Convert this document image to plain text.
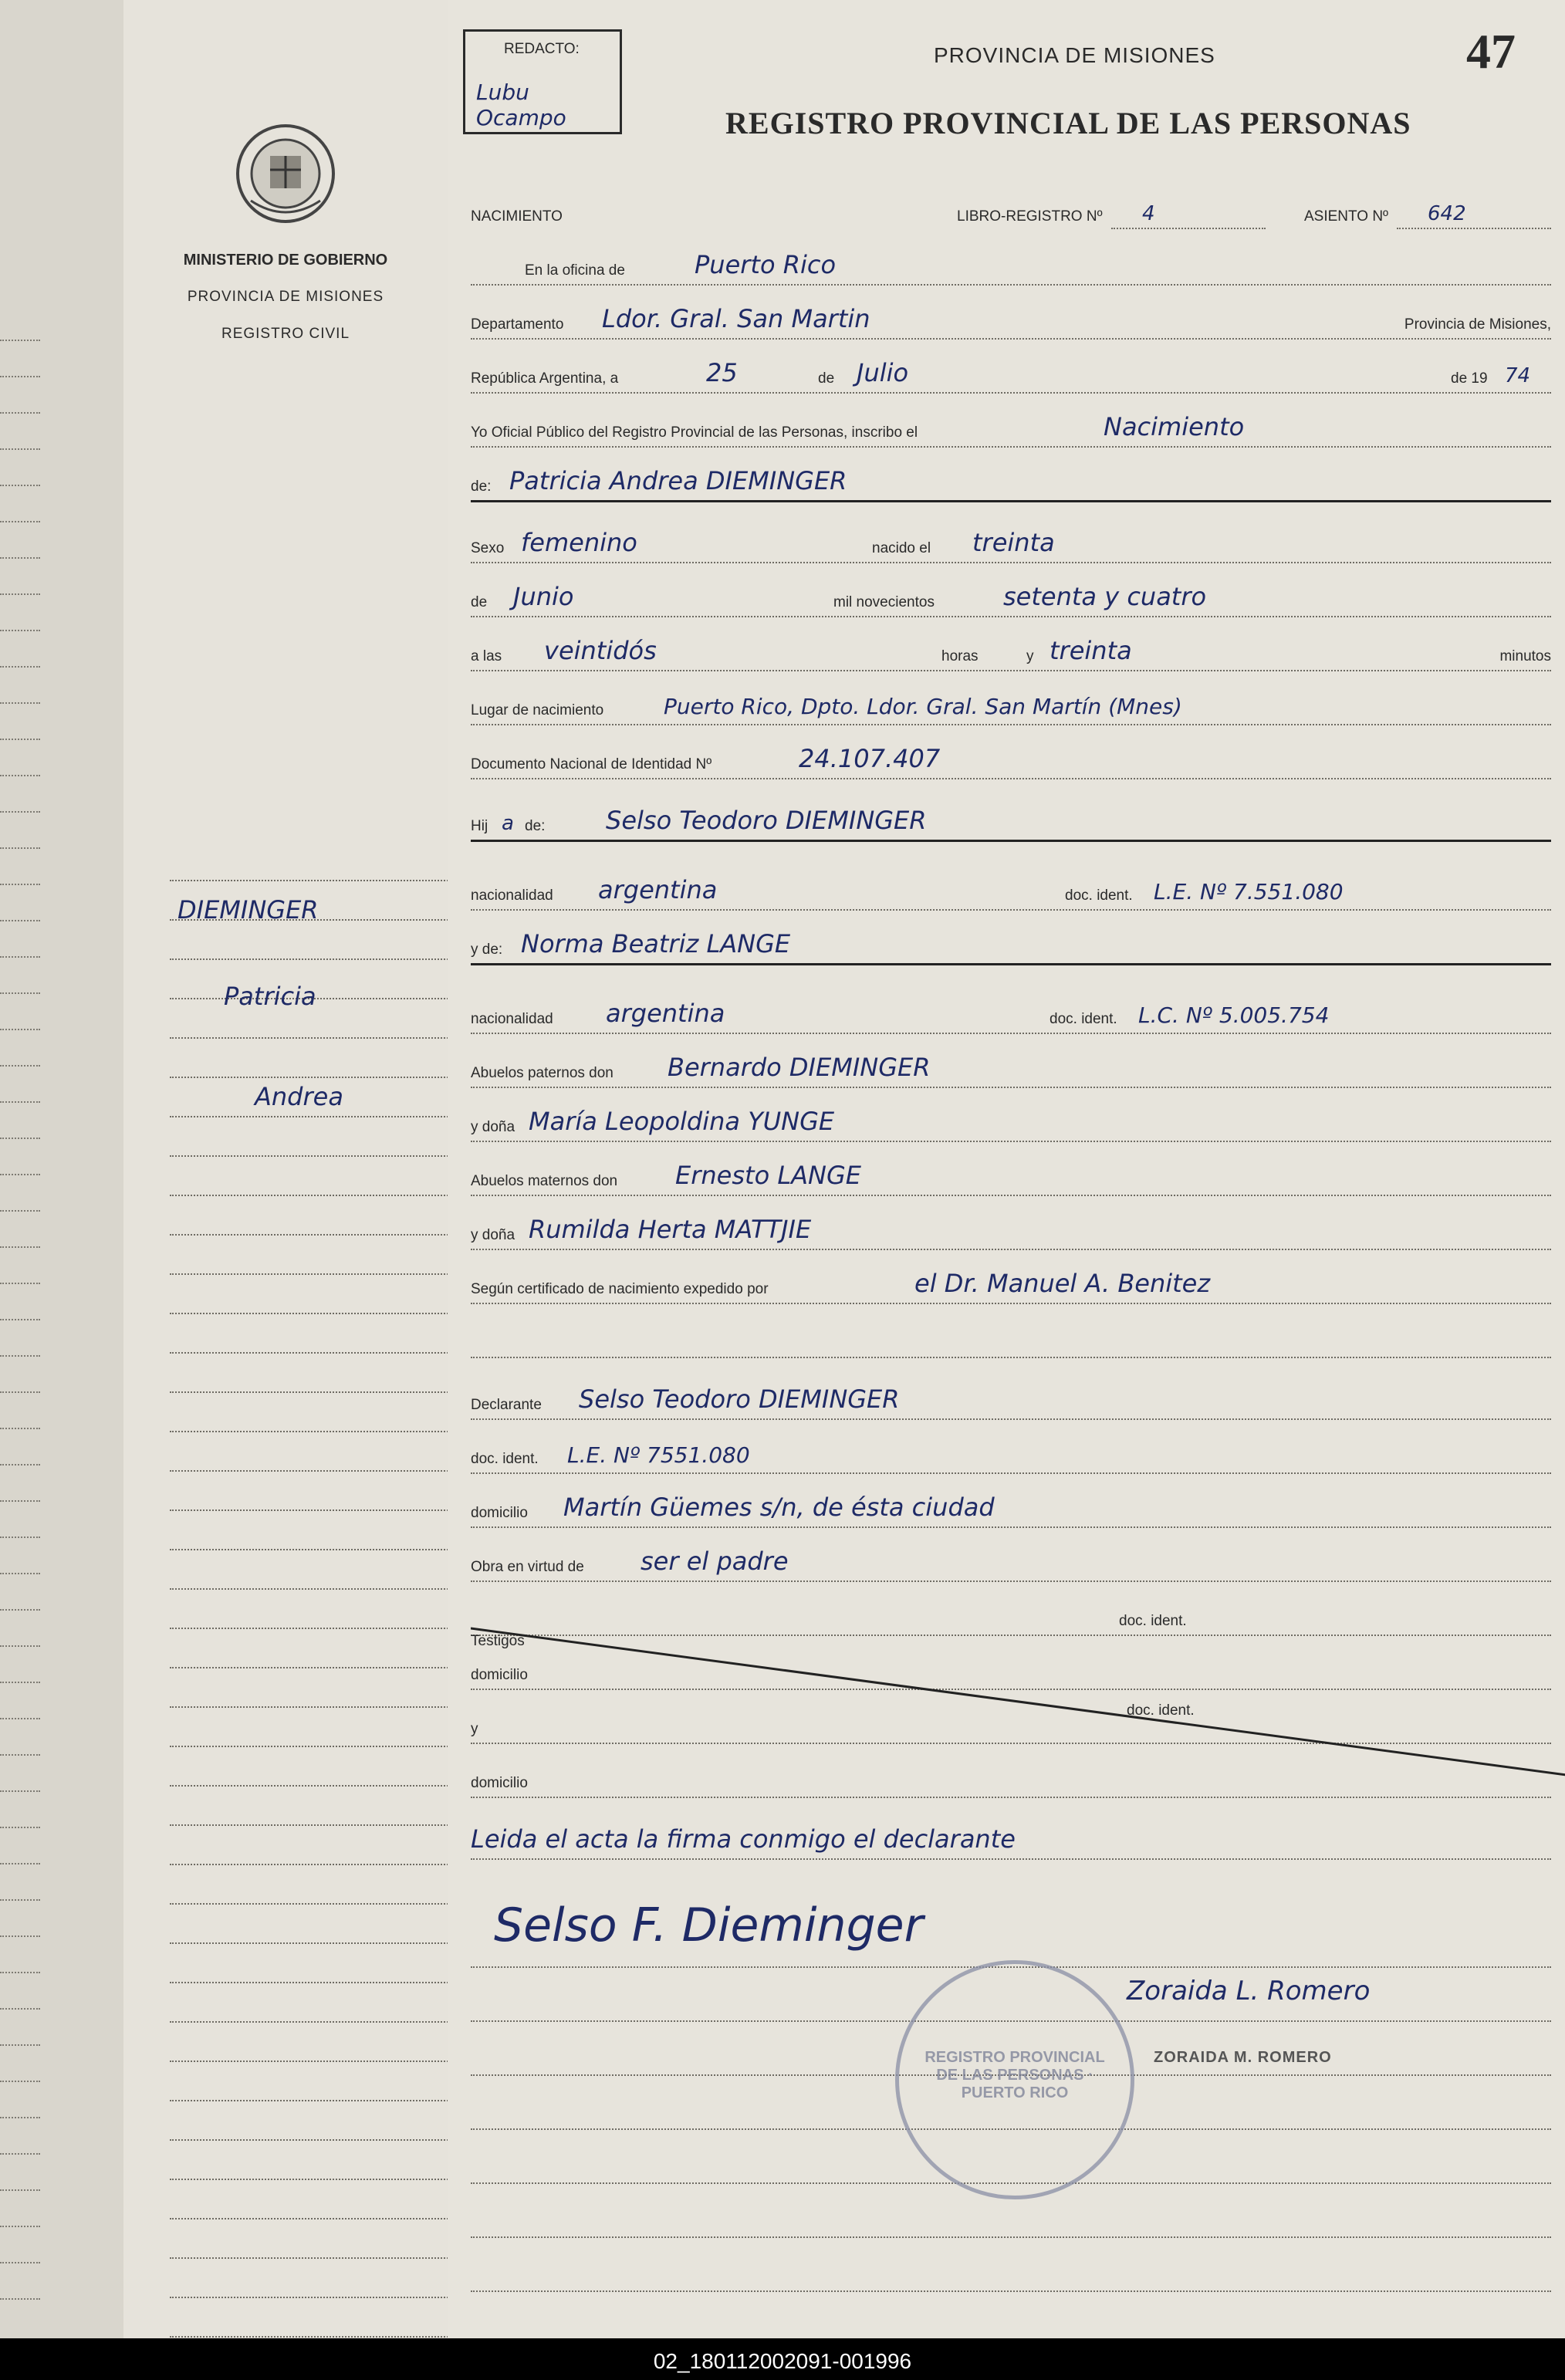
MINISTERIO DE GOBIERNO
PROVINCIA DE MISIONES
REGISTRO CIVIL
DIEMINGER
Patricia
Andrea
REDACTO:
Lubu Ocampo
PROVINCIA DE MISIONES
REGISTRO PROVINCIAL DE LAS PERSONAS
47
NACIMIENTO	LIBRO-REGISTRO Nº 4	ASIENTO Nº 642
En la oficina de	Puerto Rico
Departamento Ldor. Gral. San Martin	Provincia de Misiones,
República Argentina, a	25	de Julio	de 19 74
Yo Oficial Público del Registro Provincial de las Personas, inscribo el	Nacimiento
de: Patricia Andrea DIEMINGER
Sexo femenino	nacido el treinta
de Junio	mil novecientos	setenta y cuatro
a las veintidós	horas	y treinta	minutos
Lugar de nacimiento	Puerto Rico, Dpto. Ldor. Gral. San Martín (Mnes)
Documento Nacional de Identidad Nº	24.107.407
Hij a de: Selso Teodoro DIEMINGER
nacionalidad argentina	doc. ident. L.E. Nº 7.551.080
y de: Norma Beatriz LANGE
nacionalidad argentina	doc. ident. L.C. Nº 5.005.754
Abuelos paternos don Bernardo DIEMINGER
y doña María Leopoldina YUNGE
Abuelos maternos don Ernesto LANGE
y doña Rumilda Herta MATTJIE
Según certificado de nacimiento expedido por	el Dr. Manuel A. Benitez
Declarante Selso Teodoro DIEMINGER
doc. ident. L.E. Nº 7551.080
domicilio Martín Güemes s/n, de ésta ciudad
Obra en virtud de ser el padre
doc. ident.
Testigos
domicilio
y
doc. ident.
domicilio
Leida el acta la firma conmigo el declarante
Selso F. Dieminger
REGISTRO PROVINCIAL DE LAS PERSONAS · PUERTO RICO
Zoraida L. Romero
ZORAIDA M. ROMERO
02_180112002091-001996
